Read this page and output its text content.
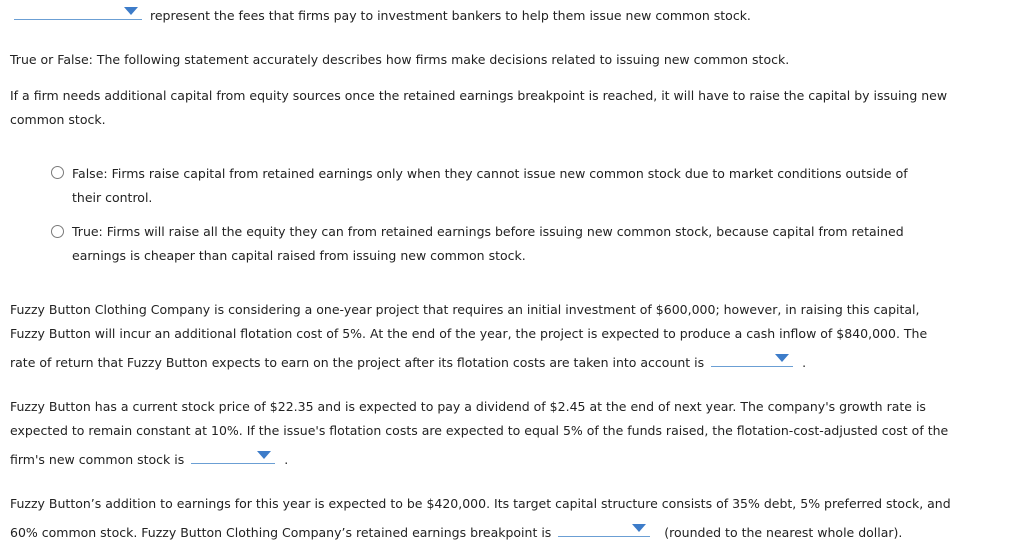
represent the fees that firms pay to investment bankers to help them issue new common stock.
True or False: The following statement accurately describes how firms make decisions related to issuing new common stock.
If a firm needs additional capital from equity sources once the retained earnings breakpoint is reached, it will have to raise the capital by issuing new
common stock.
False: Firms raise capital from retained earnings only when they cannot issue new common stock due to market conditions outside of
their control.
True: Firms will raise all the equity they can from retained earnings before issuing new common stock, because capital from retained
earnings is cheaper than capital raised from issuing new common stock.
Fuzzy Button Clothing Company is considering a one-year project that requires an initial investment of $600,000; however, in raising this capital,
Fuzzy Button will incur an additional flotation cost of 5%. At the end of the year, the project is expected to produce a cash inflow of $840,000. The
rate of return that Fuzzy Button expects to earn on the project after its flotation costs are taken into account is	.
Fuzzy Button has a current stock price of $22.35 and is expected to pay a dividend of $2.45 at the end of next year. The company's growth rate is
expected to remain constant at 10%. If the issue's flotation costs are expected to equal 5% of the funds raised, the flotation-cost-adjusted cost of the
firm's new common stock is	.
Fuzzy Button’s addition to earnings for this year is expected to be $420,000. Its target capital structure consists of 35% debt, 5% preferred stock, and
60% common stock. Fuzzy Button Clothing Company’s retained earnings breakpoint is	(rounded to the nearest whole dollar).
